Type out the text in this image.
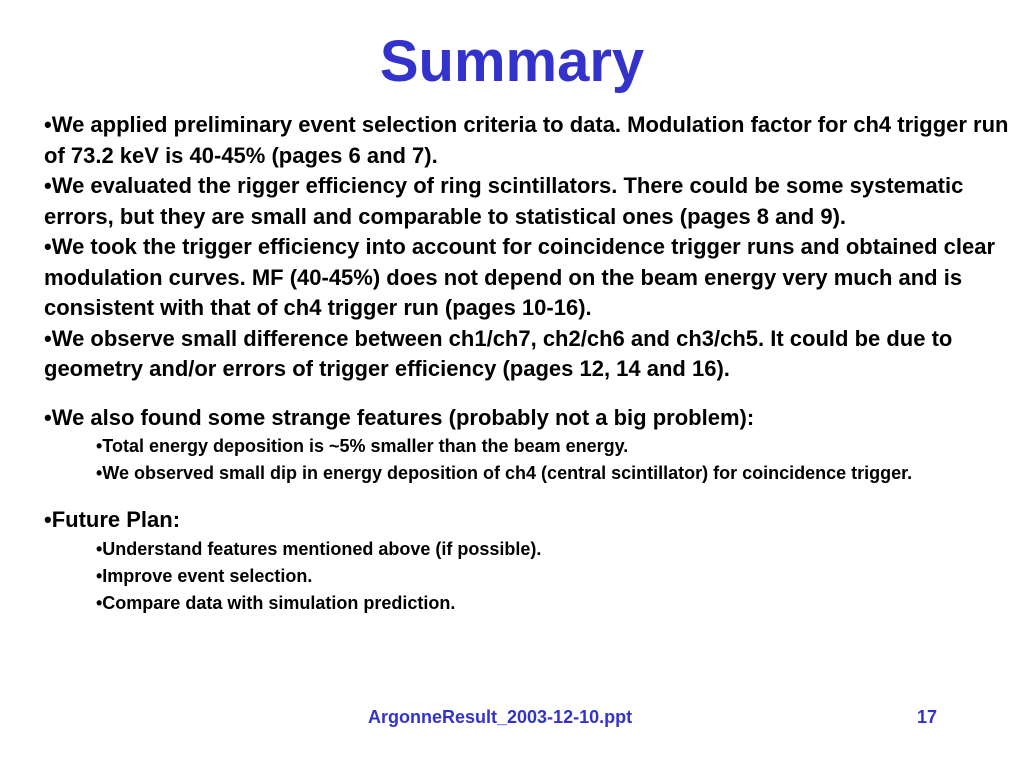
Summary

•We applied preliminary event selection criteria to data. Modulation factor for ch4 trigger run of 73.2 keV is 40-45% (pages 6 and 7).

•We evaluated the rigger efficiency of ring scintillators. There could be some systematic errors, but they are small and comparable to statistical ones (pages 8 and 9).

•We took the trigger efficiency into account for coincidence trigger runs and obtained clear modulation curves. MF (40-45%) does not depend on the beam energy very much and is consistent with that of ch4 trigger run (pages 10-16).

•We observe small difference between ch1/ch7, ch2/ch6 and ch3/ch5. It could be due to geometry and/or errors of trigger efficiency (pages 12, 14 and 16).

•We also found some strange features (probably not a big problem):

•Total energy deposition is ~5% smaller than the beam energy.

•We observed small dip in energy deposition of ch4 (central scintillator) for coincidence trigger.

•Future Plan:

•Understand features mentioned above (if possible).

•Improve event selection.

•Compare data with simulation prediction.

ArgonneResult_2003-12-10.ppt	17
